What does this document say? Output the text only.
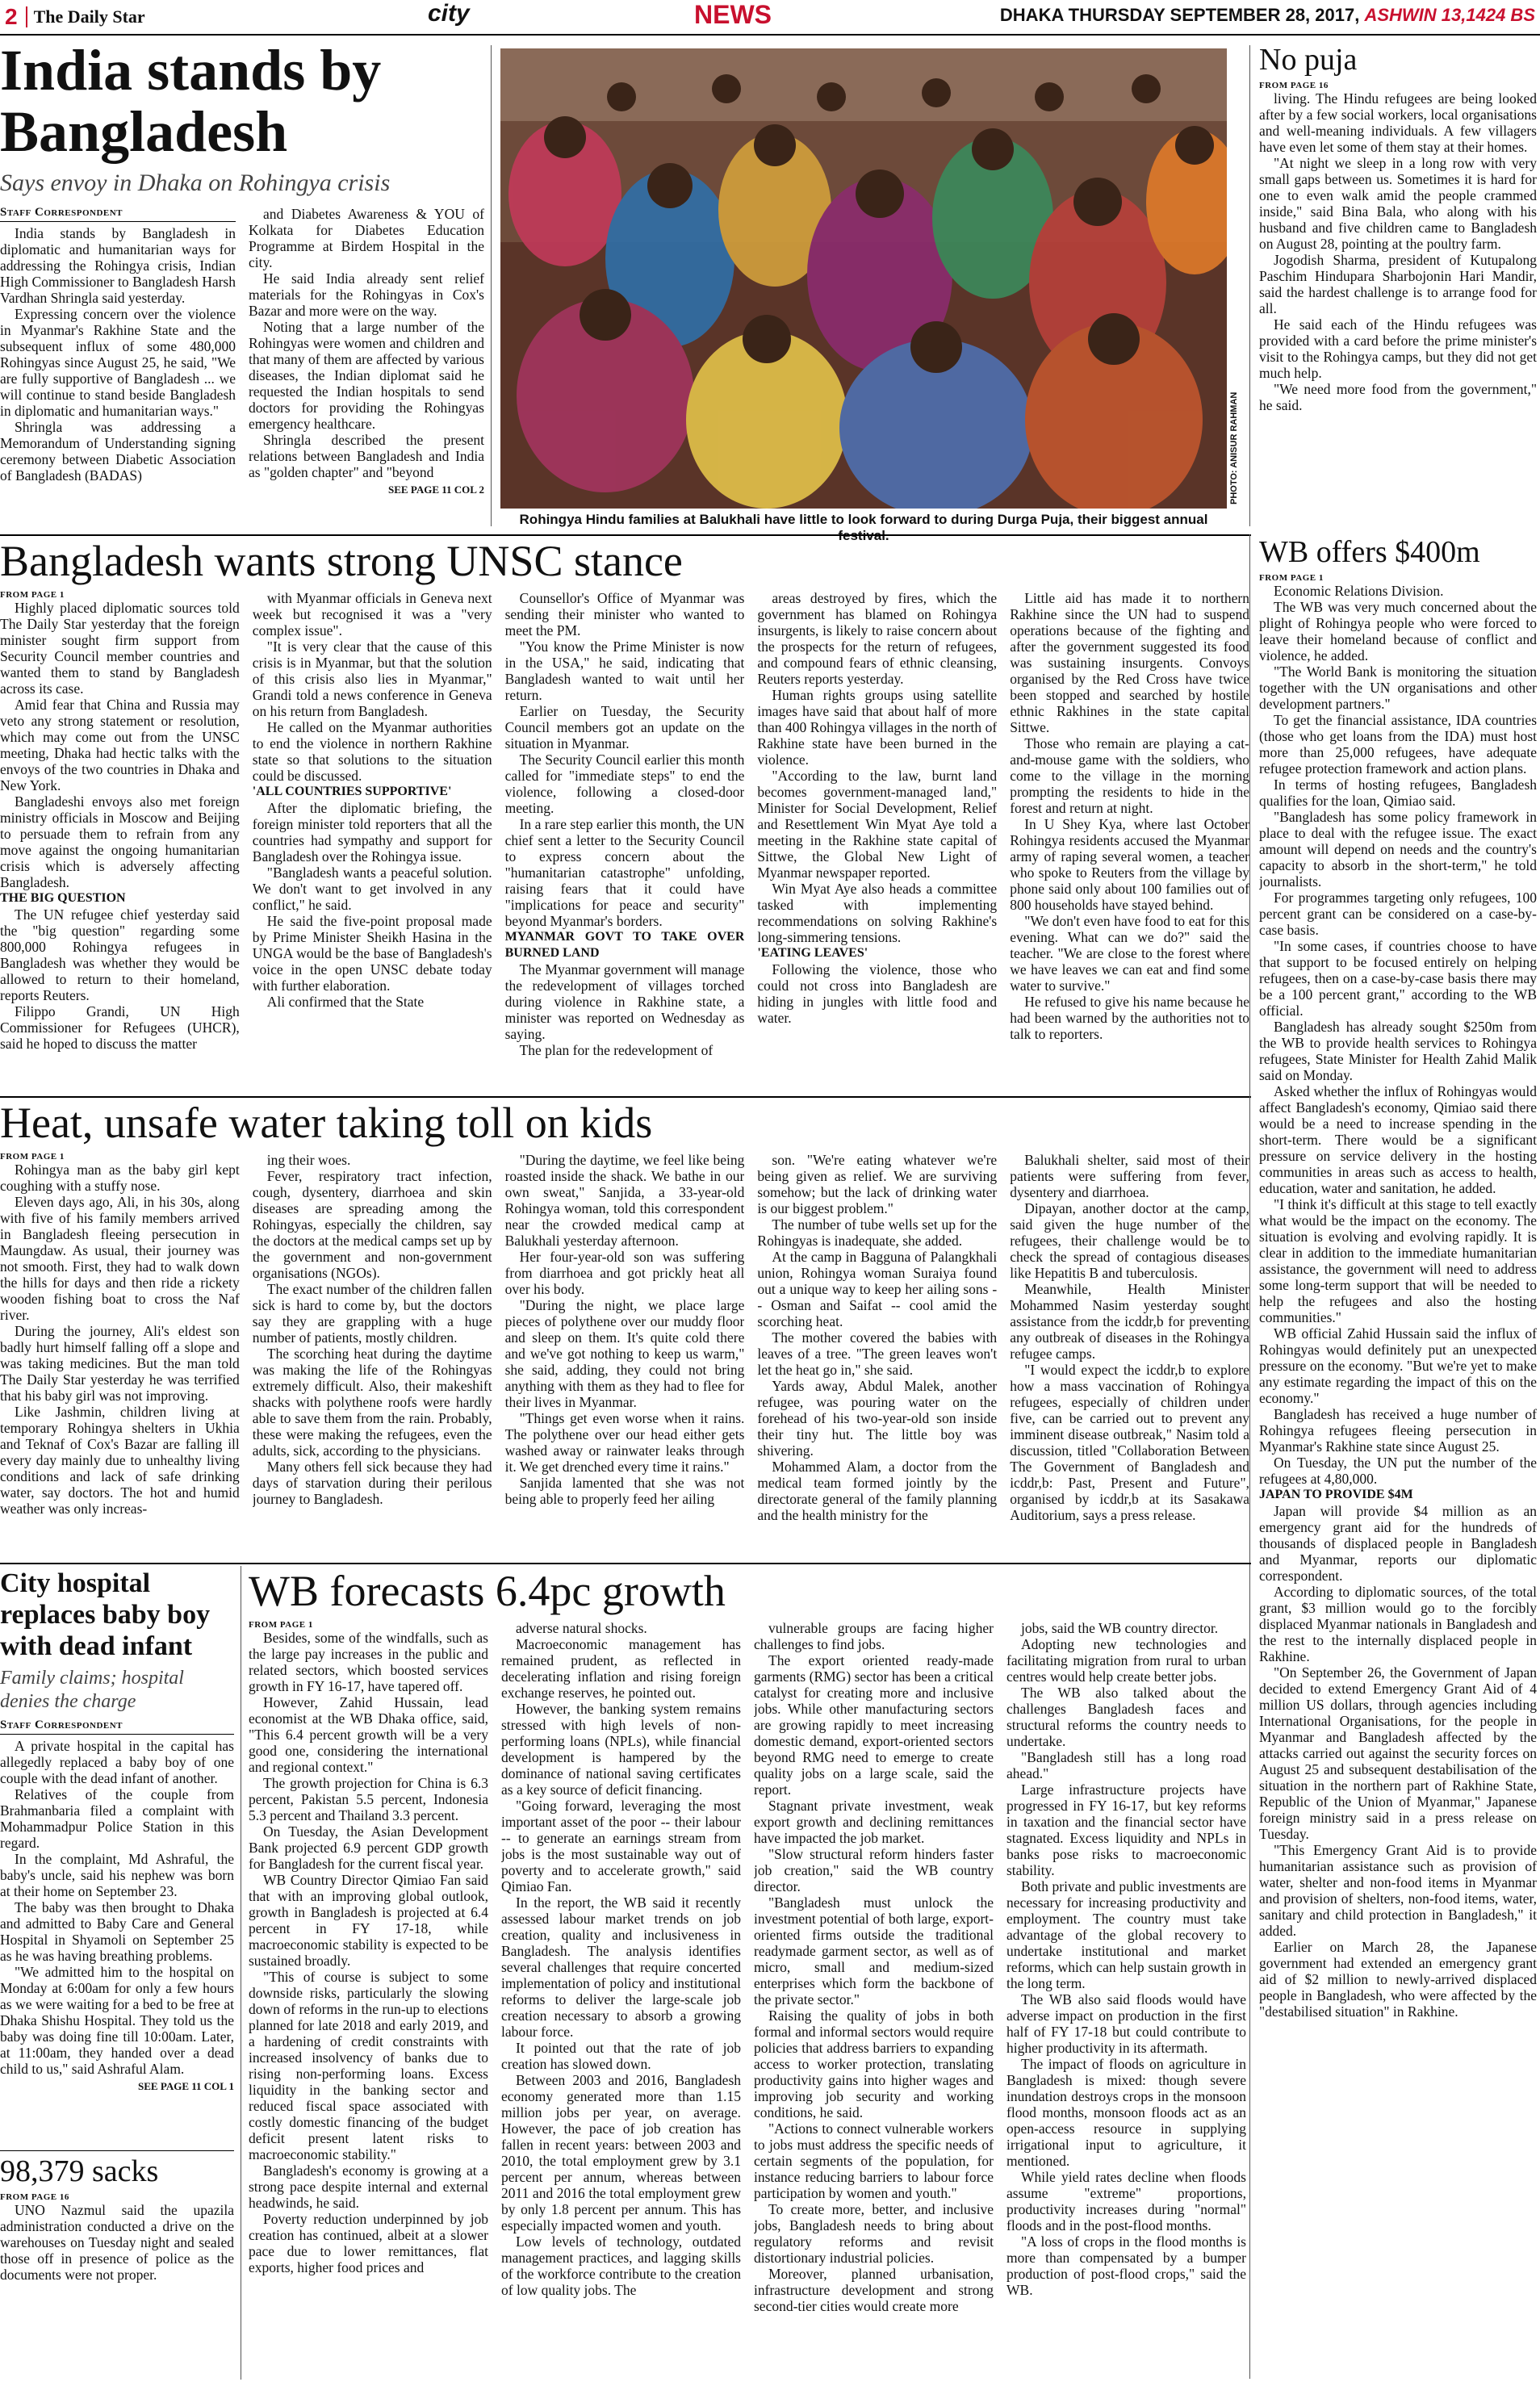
2 The Daily Star	city	NEWS	DHAKA THURSDAY SEPTEMBER 28, 2017, ASHWIN 13,1424 BS
India stands by Bangladesh
Says envoy in Dhaka on Rohingya crisis
Staff Correspondent

India stands by Bangladesh in diplomatic and humanitarian ways for addressing the Rohingya crisis, Indian High Commissioner to Bangladesh Harsh Vardhan Shringla said yesterday.

Expressing concern over the violence in Myanmar's Rakhine State and the subsequent influx of some 480,000 Rohingyas since August 25, he said, "We are fully supportive of Bangladesh ... we will continue to stand beside Bangladesh in diplomatic and humanitarian ways."

Shringla was addressing a Memorandum of Understanding signing ceremony between Diabetic Association of Bangladesh (BADAS)

and Diabetes Awareness & YOU of Kolkata for Diabetes Education Programme at Birdem Hospital in the city.

He said India already sent relief materials for the Rohingyas in Cox's Bazar and more were on the way.

Noting that a large number of the Rohingyas were women and children and that many of them are affected by various diseases, the Indian diplomat said he requested the Indian hospitals to send doctors for providing the Rohingyas emergency healthcare.

Shringla described the present relations between Bangladesh and India as "golden chapter" and "beyond

SEE PAGE 11 COL 2	PHOTO: ANISUR RAHMAN
Rohingya Hindu families at Balukhali have little to look forward to during Durga Puja, their biggest annual
No puja
FROM PAGE 16

living. The Hindu refugees are being looked after by a few social workers, local organisations and well-meaning individuals. A few villagers have even let some of them stay at their homes.

"At night we sleep in a long row with very small gaps between us. Sometimes it is hard for one to even walk amid the people crammed inside," said Bina Bala, who along with his husband and five children came to Bangladesh on August 28, pointing at the poultry farm.

Jogodish Sharma, president of Kutupalong Paschim Hindupara Sharbojonin Hari Mandir, said the hardest challenge is to arrange food for all.

He said each of the Hindu refugees was provided with a card before the prime minister's visit to the Rohingya camps, but they did not get much help.

"We need more food from the government," he said.

Bangladesh wants strong UNSC stance
FROM PAGE 1

Highly placed diplomatic sources told The Daily Star yesterday that the foreign minister sought firm support from Security Council member countries and wanted them to stand by Bangladesh across its case.

Amid fear that China and Russia may veto any strong statement or resolution, which may come out from the UNSC meeting, Dhaka had hectic talks with the envoys of the two countries in Dhaka and New York.

Bangladeshi envoys also met foreign ministry officials in Moscow and Beijing to persuade them to refrain from any move against the ongoing humanitarian crisis which is adversely affecting Bangladesh.

THE BIG QUESTION

The UN refugee chief yesterday said the "big question" regarding some 800,000 Rohingya refugees in Bangladesh was whether they would be allowed to return to their homeland, reports Reuters.

Filippo Grandi, UN High Commissioner for Refugees (UHCR), said he hoped to discuss the matter

with Myanmar officials in Geneva next week but recognised it was a "very complex issue".

"It is very clear that the cause of this crisis is in Myanmar, but that the solution of this crisis also lies in Myanmar," Grandi told a news conference in Geneva on his return from Bangladesh.

He called on the Myanmar authorities to end the violence in northern Rakhine state so that solutions to the situation could be discussed.

'ALL COUNTRIES SUPPORTIVE'

After the diplomatic briefing, the foreign minister told reporters that all the countries had sympathy and support for Bangladesh over the Rohingya issue.

"Bangladesh wants a peaceful solution. We don't want to get involved in any conflict," he said.

He said the five-point proposal made by Prime Minister Sheikh Hasina in the UNGA would be the base of Bangladesh's voice in the open UNSC debate today with further elaboration.

Ali confirmed that the State

Counsellor's Office of Myanmar was sending their minister who wanted to meet the PM.

"You know the Prime Minister is now in the USA," he said, indicating that Bangladesh wanted to wait until her return.

Earlier on Tuesday, the Security Council members got an update on the situation in Myanmar.

The Security Council earlier this month called for "immediate steps" to end the violence, following a closed-door meeting.

In a rare step earlier this month, the UN chief sent a letter to the Security Council to express concern about the "humanitarian catastrophe" unfolding, raising fears that it could have "implications for peace and security" beyond Myanmar's borders.

MYANMAR GOVT TO TAKE OVER BURNED LAND

The Myanmar government will manage the redevelopment of villages torched during violence in Rakhine state, a minister was reported on Wednesday as saying.

The plan for the redevelopment of

areas destroyed by fires, which the government has blamed on Rohingya insurgents, is likely to raise concern about the prospects for the return of refugees, and compound fears of ethnic cleansing, Reuters reports yesterday.

Human rights groups using satellite images have said that about half of more than 400 Rohingya villages in the north of Rakhine state have been burned in the violence.

"According to the law, burnt land becomes government-managed land," Minister for Social Development, Relief and Resettlement Win Myat Aye told a meeting in the Rakhine state capital of Sittwe, the Global New Light of Myanmar newspaper reported.

Win Myat Aye also heads a committee tasked with implementing recommendations on solving Rakhine's long-simmering tensions.

'EATING LEAVES'

Following the violence, those who could not cross into Bangladesh are hiding in jungles with little food and water.

Little aid has made it to northern Rakhine since the UN had to suspend operations because of the fighting and after the government suggested its food was sustaining insurgents. Convoys organised by the Red Cross have twice been stopped and searched by hostile ethnic Rakhines in the state capital Sittwe.

Those who remain are playing a cat-and-mouse game with the soldiers, who come to the village in the morning prompting the residents to hide in the forest and return at night.

In U Shey Kya, where last October Rohingya residents accused the Myanmar army of raping several women, a teacher who spoke to Reuters from the village by phone said only about 100 families out of 800 households have stayed behind.

"We don't even have food to eat for this evening. What can we do?" said the teacher. "We are close to the forest where we have leaves we can eat and find some water to survive."

He refused to give his name because he had been warned by the authorities not to talk to reporters.

Heat, unsafe water taking toll on kids
FROM PAGE 1

Rohingya man as the baby girl kept coughing with a stuffy nose.

Eleven days ago, Ali, in his 30s, along with five of his family members arrived in Bangladesh fleeing persecution in Maungdaw. As usual, their journey was not smooth. First, they had to walk down the hills for days and then ride a rickety wooden fishing boat to cross the Naf river.

During the journey, Ali's eldest son badly hurt himself falling off a slope and was taking medicines. But the man told The Daily Star yesterday he was terrified that his baby girl was not improving.

Like Jashmin, children living at temporary Rohingya shelters in Ukhia and Teknaf of Cox's Bazar are falling ill every day mainly due to unhealthy living conditions and lack of safe drinking water, say doctors. The hot and humid weather was only increas-

ing their woes.

Fever, respiratory tract infection, cough, dysentery, diarrhoea and skin diseases are spreading among the Rohingyas, especially the children, say the doctors at the medical camps set up by the government and non-government organisations (NGOs).

The exact number of the children fallen sick is hard to come by, but the doctors say they are grappling with a huge number of patients, mostly children.

The scorching heat during the daytime was making the life of the Rohingyas extremely difficult. Also, their makeshift shacks with polythene roofs were hardly able to save them from the rain. Probably, these were making the refugees, even the adults, sick, according to the physicians.

Many others fell sick because they had days of starvation during their perilous journey to Bangladesh.

"During the daytime, we feel like being roasted inside the shack. We bathe in our own sweat," Sanjida, a 33-year-old Rohingya woman, told this correspondent near the crowded medical camp at Balukhali yesterday afternoon.

Her four-year-old son was suffering from diarrhoea and got prickly heat all over his body.

"During the night, we place large pieces of polythene over our muddy floor and sleep on them. It's quite cold there and we've got nothing to keep us warm," she said, adding, they could not bring anything with them as they had to flee for their lives in Myanmar.

"Things get even worse when it rains. The polythene over our head either gets washed away or rainwater leaks through it. We get drenched every time it rains."

Sanjida lamented that she was not being able to properly feed her ailing

son. "We're eating whatever we're being given as relief. We are surviving somehow; but the lack of drinking water is our biggest problem."

The number of tube wells set up for the Rohingyas is inadequate, she added.

At the camp in Bagguna of Palangkhali union, Rohingya woman Suraiya found out a unique way to keep her ailing sons -- Osman and Saifat -- cool amid the scorching heat.

The mother covered the babies with leaves of a tree. "The green leaves won't let the heat go in," she said.

Yards away, Abdul Malek, another refugee, was pouring water on the forehead of his two-year-old son inside their tiny hut. The little boy was shivering.

Mohammed Alam, a doctor from the medical team formed jointly by the directorate general of the family planning and the health ministry for the

Balukhali shelter, said most of their patients were suffering from fever, dysentery and diarrhoea.

Dipayan, another doctor at the camp, said given the huge number of the refugees, their challenge would be to check the spread of contagious diseases like Hepatitis B and tuberculosis.

Meanwhile, Health Minister Mohammed Nasim yesterday sought assistance from the icddr,b for preventing any outbreak of diseases in the Rohingya refugee camps.

"I would expect the icddr,b to explore how a mass vaccination of Rohingya refugees, especially of children under five, can be carried out to prevent any imminent disease outbreak," Nasim told a discussion, titled "Collaboration Between The Government of Bangladesh and icddr,b: Past, Present and Future", organised by icddr,b at its Sasakawa Auditorium, says a press release.

WB offers $400m
FROM PAGE 1

Economic Relations Division.

The WB was very much concerned about the plight of Rohingya people who were forced to leave their homeland because of conflict and violence, he added.

"The World Bank is monitoring the situation together with the UN organisations and other development partners."

To get the financial assistance, IDA countries (those who get loans from the IDA) must host more than 25,000 refugees, have adequate refugee protection framework and action plans.

In terms of hosting refugees, Bangladesh qualifies for the loan, Qimiao said.

"Bangladesh has some policy framework in place to deal with the refugee issue. The exact amount will depend on needs and the country's capacity to absorb in the short-term," he told journalists.

For programmes targeting only refugees, 100 percent grant can be considered on a case-by-case basis.

"In some cases, if countries choose to have that support to be focused entirely on helping refugees, then on a case-by-case basis there may be a 100 percent grant," according to the WB official.

Bangladesh has already sought $250m from the WB to provide health services to Rohingya refugees, State Minister for Health Zahid Malik said on Monday.

Asked whether the influx of Rohingyas would affect Bangladesh's economy, Qimiao said there would be a need to increase spending in the short-term. There would be a significant pressure on service delivery in the hosting communities in areas such as access to health, education, water and sanitation, he added.

"I think it's difficult at this stage to tell exactly what would be the impact on the economy. The situation is evolving and evolving rapidly. It is clear in addition to the immediate humanitarian assistance, the government will need to address some long-term support that will be needed to help the refugees and also the hosting communities."

WB official Zahid Hussain said the influx of Rohingyas would definitely put an unexpected pressure on the economy. "But we're yet to make any estimate regarding the impact of this on the economy."

Bangladesh has received a huge number of Rohingya refugees fleeing persecution in Myanmar's Rakhine state since August 25.

On Tuesday, the UN put the number of the refugees at 4,80,000.

JAPAN TO PROVIDE $4M

Japan will provide $4 million as an emergency grant aid for the hundreds of thousands of displaced people in Bangladesh and Myanmar, reports our diplomatic correspondent.

According to diplomatic sources, of the total grant, $3 million would go to the forcibly displaced Myanmar nationals in Bangladesh and the rest to the internally displaced people in Rakhine.

"On September 26, the Government of Japan decided to extend Emergency Grant Aid of 4 million US dollars, through agencies including International Organisations, for the people in Myanmar and Bangladesh affected by the attacks carried out against the security forces on August 25 and subsequent destabilisation of the situation in the northern part of Rakhine State, Republic of the Union of Myanmar," Japanese foreign ministry said in a press release on Tuesday.

"This Emergency Grant Aid is to provide humanitarian assistance such as provision of water, shelter and non-food items in Myanmar and provision of shelters, non-food items, water, sanitary and child protection in Bangladesh," it added.

Earlier on March 28, the Japanese government had extended an emergency grant aid of $2 million to newly-arrived displaced people in Bangladesh, who were affected by the "destabilised situation" in Rakhine.

City hospital replaces baby boy with dead infant
Family claims; hospital denies the charge
Staff Correspondent

A private hospital in the capital has allegedly replaced a baby boy of one couple with the dead infant of another.

Relatives of the couple from Brahmanbaria filed a complaint with Mohammadpur Police Station in this regard.

In the complaint, Md Ashraful, the baby's uncle, said his nephew was born at their home on September 23.

The baby was then brought to Dhaka and admitted to Baby Care and General Hospital in Shyamoli on September 25 as he was having breathing problems.

"We admitted him to the hospital on Monday at 6:00am for only a few hours as we were waiting for a bed to be free at Dhaka Shishu Hospital. They told us the baby was doing fine till 10:00am. Later, at 11:00am, they handed over a dead child to us," said Ashraful Alam.

SEE PAGE 11 COL 1
98,379 sacks
FROM PAGE 16

UNO Nazmul said the upazila administration conducted a drive on the warehouses on Tuesday night and sealed those off in presence of police as the documents were not proper.

WB forecasts 6.4pc growth
FROM PAGE 1

Besides, some of the windfalls, such as the large pay increases in the public and related sectors, which boosted services growth in FY 16-17, have tapered off.

However, Zahid Hussain, lead economist at the WB Dhaka office, said, "This 6.4 percent growth will be a very good one, considering the international and regional context."

The growth projection for China is 6.3 percent, Pakistan 5.5 percent, Indonesia 5.3 percent and Thailand 3.3 percent.

On Tuesday, the Asian Development Bank projected 6.9 percent GDP growth for Bangladesh for the current fiscal year.

WB Country Director Qimiao Fan said that with an improving global outlook, growth in Bangladesh is projected at 6.4 percent in FY 17-18, while macroeconomic stability is expected to be sustained broadly.

"This of course is subject to some downside risks, particularly the slowing down of reforms in the run-up to elections planned for late 2018 and early 2019, and a hardening of credit constraints with increased insolvency of banks due to rising non-performing loans. Excess liquidity in the banking sector and reduced fiscal space associated with costly domestic financing of the budget deficit present latent risks to macroeconomic stability."

Bangladesh's economy is growing at a strong pace despite internal and external headwinds, he said.

Poverty reduction underpinned by job creation has continued, albeit at a slower pace due to lower remittances, flat exports, higher food prices and

adverse natural shocks.

Macroeconomic management has remained prudent, as reflected in decelerating inflation and rising foreign exchange reserves, he pointed out.

However, the banking system remains stressed with high levels of non-performing loans (NPLs), while financial development is hampered by the dominance of national saving certificates as a key source of deficit financing.

"Going forward, leveraging the most important asset of the poor -- their labour -- to generate an earnings stream from jobs is the most sustainable way out of poverty and to accelerate growth," said Qimiao Fan.

In the report, the WB said it recently assessed labour market trends on job creation, quality and inclusiveness in Bangladesh. The analysis identifies several challenges that require concerted implementation of policy and institutional reforms to deliver the large-scale job creation necessary to absorb a growing labour force.

It pointed out that the rate of job creation has slowed down.

Between 2003 and 2016, Bangladesh economy generated more than 1.15 million jobs per year, on average. However, the pace of job creation has fallen in recent years: between 2003 and 2010, the total employment grew by 3.1 percent per annum, whereas between 2011 and 2016 the total employment grew by only 1.8 percent per annum. This has especially impacted women and youth.

Low levels of technology, outdated management practices, and lagging skills of the workforce contribute to the creation of low quality jobs. The

vulnerable groups are facing higher challenges to find jobs.

The export oriented ready-made garments (RMG) sector has been a critical catalyst for creating more and inclusive jobs. While other manufacturing sectors are growing rapidly to meet increasing domestic demand, export-oriented sectors beyond RMG need to emerge to create quality jobs on a large scale, said the report.

Stagnant private investment, weak export growth and declining remittances have impacted the job market.

"Slow structural reform hinders faster job creation," said the WB country director.

"Bangladesh must unlock the investment potential of both large, export-oriented firms outside the traditional readymade garment sector, as well as of micro, small and medium-sized enterprises which form the backbone of the private sector."

Raising the quality of jobs in both formal and informal sectors would require policies that address barriers to expanding access to worker protection, translating productivity gains into higher wages and improving job security and working conditions, he said.

"Actions to connect vulnerable workers to jobs must address the specific needs of certain segments of the population, for instance reducing barriers to labour force participation by women and youth."

To create more, better, and inclusive jobs, Bangladesh needs to bring about regulatory reforms and revisit distortionary industrial policies.

Moreover, planned urbanisation, infrastructure development and strong second-tier cities would create more

jobs, said the WB country director.

Adopting new technologies and facilitating migration from rural to urban centres would help create better jobs.

The WB also talked about the challenges Bangladesh faces and structural reforms the country needs to undertake.

"Bangladesh still has a long road ahead."

Large infrastructure projects have progressed in FY 16-17, but key reforms in taxation and the financial sector have stagnated. Excess liquidity and NPLs in banks pose risks to macroeconomic stability.

Both private and public investments are necessary for increasing productivity and employment. The country must take advantage of the global recovery to undertake institutional and market reforms, which can help sustain growth in the long term.

The WB also said floods would have adverse impact on production in the first half of FY 17-18 but could contribute to higher productivity in its aftermath.

The impact of floods on agriculture in Bangladesh is mixed: though severe inundation destroys crops in the monsoon flood months, monsoon floods act as an open-access resource in supplying irrigational input to agriculture, it mentioned.

While yield rates decline when floods assume "extreme" proportions, productivity increases during "normal" floods and in the post-flood months.

"A loss of crops in the flood months is more than compensated by a bumper production of post-flood crops," said the WB.
